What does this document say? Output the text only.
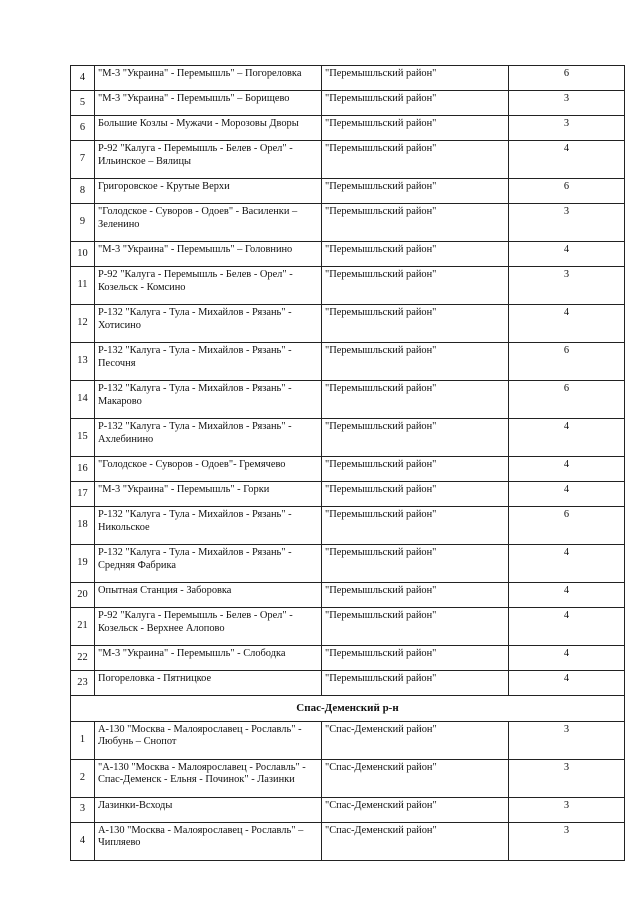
4	"М-3 "Украина" - Перемышль" – Погореловка	"Перемышльский район"	6
5	"М-3 "Украина" - Перемышль" – Борищево	"Перемышльский район"	3
6	Большие Козлы - Мужачи - Морозовы Дворы	"Перемышльский район"	3
7	Р-92 "Калуга - Перемышль - Белев - Орел" - Ильинское – Вялицы	"Перемышльский район"	4
8	Григоровское - Крутые Верхи	"Перемышльский район"	6
9	"Голодское - Суворов - Одоев" - Василенки – Зеленино	"Перемышльский район"	3
10	"М-3 "Украина" - Перемышль" – Головнино	"Перемышльский район"	4
11	Р-92 "Калуга - Перемышль - Белев - Орел" - Козельск - Комсино	"Перемышльский район"	3
12	Р-132 "Калуга - Тула - Михайлов - Рязань" - Хотисино	"Перемышльский район"	4
13	Р-132 "Калуга - Тула - Михайлов - Рязань" - Песочня	"Перемышльский район"	6
14	Р-132 "Калуга - Тула - Михайлов - Рязань" - Макарово	"Перемышльский район"	6
15	Р-132 "Калуга - Тула - Михайлов - Рязань" - Ахлебинино	"Перемышльский район"	4
16	"Голодское - Суворов - Одоев"- Гремячево	"Перемышльский район"	4
17	"М-3 "Украина" - Перемышль" - Горки	"Перемышльский район"	4
18	Р-132 "Калуга - Тула - Михайлов - Рязань" - Никольское	"Перемышльский район"	6
19	Р-132 "Калуга - Тула - Михайлов - Рязань" - Средняя Фабрика	"Перемышльский район"	4
20	Опытная Станция - Заборовка	"Перемышльский район"	4
21	Р-92 "Калуга - Перемышль - Белев - Орел" - Козельск - Верхнее Алопово	"Перемышльский район"	4
22	"М-3 "Украина" - Перемышль" - Слободка	"Перемышльский район"	4
23	Погореловка - Пятницкое	"Перемышльский район"	4
Спас-Деменский р-н			
1	А-130 "Москва - Малоярославец - Рославль" - Любунь – Снопот	"Спас-Деменский район"	3
2	"А-130 "Москва - Малоярославец - Рославль" - Спас-Деменск - Ельня - Починок" - Лазинки	"Спас-Деменский район"	3
3	Лазинки-Всходы	"Спас-Деменский район"	3
4	А-130 "Москва - Малоярославец - Рославль" – Чипляево	"Спас-Деменский район"	3
